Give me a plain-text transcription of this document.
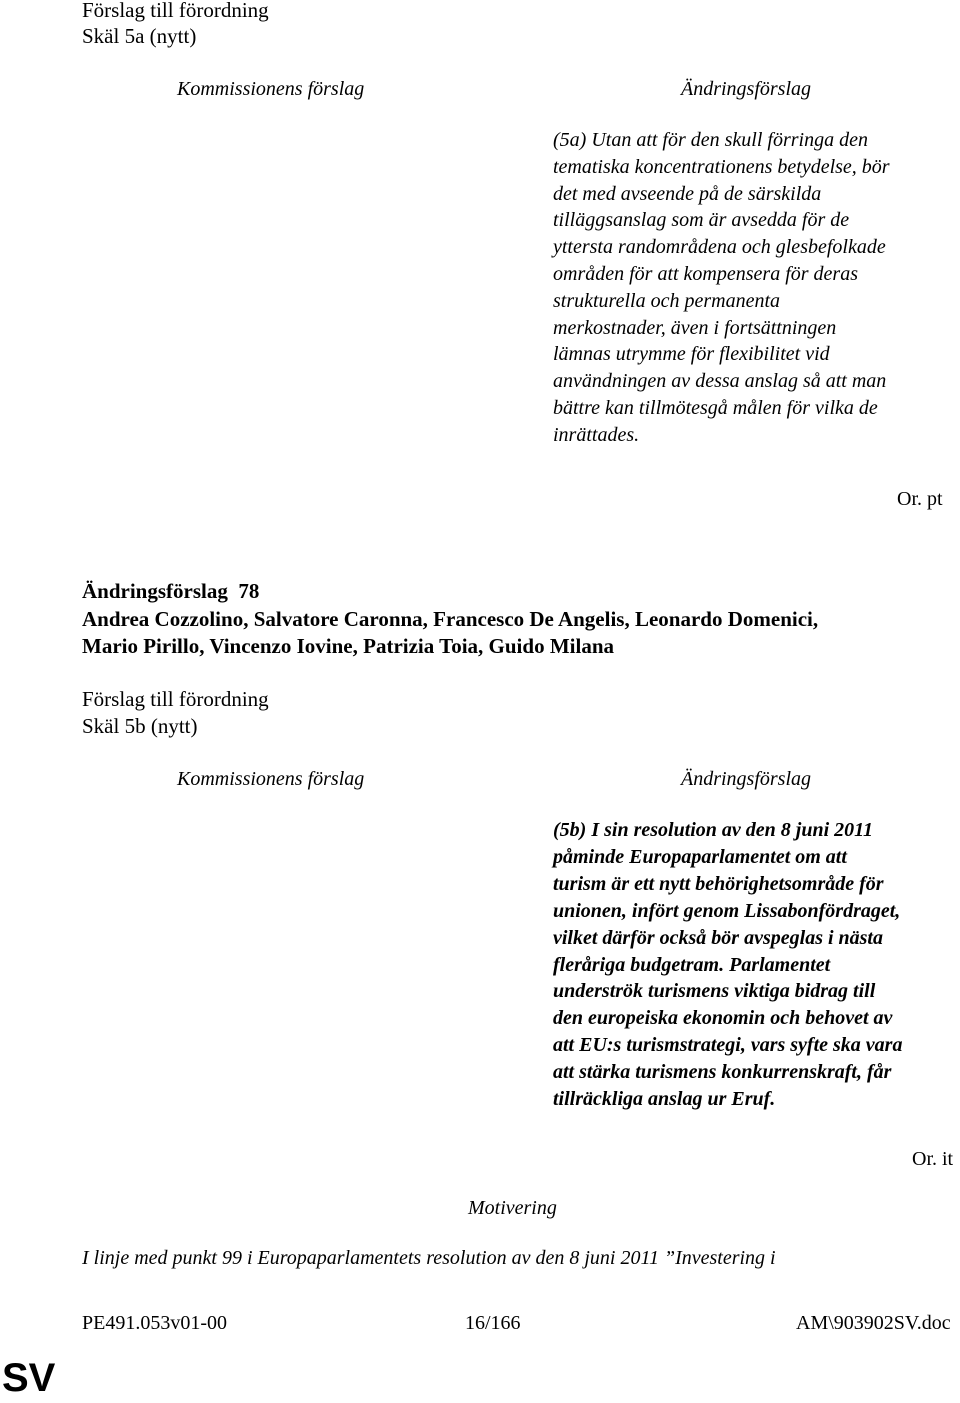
Förslag till förordning
Skäl 5a (nytt)
Kommissionens förslag	Ändringsförslag
(5a) Utan att för den skull förringa den
tematiska koncentrationens betydelse, bör
det med avseende på de särskilda
tilläggsanslag som är avsedda för de
yttersta randområdena och glesbefolkade
områden för att kompensera för deras
strukturella och permanenta
merkostnader, även i fortsättningen
lämnas utrymme för flexibilitet vid
användningen av dessa anslag så att man
bättre kan tillmötesgå målen för vilka de
inrättades.
Or. pt
Ändringsförslag 78
Andrea Cozzolino, Salvatore Caronna, Francesco De Angelis, Leonardo Domenici,
Mario Pirillo, Vincenzo Iovine, Patrizia Toia, Guido Milana
Förslag till förordning
Skäl 5b (nytt)
Kommissionens förslag	Ändringsförslag
(5b) I sin resolution av den 8 juni 2011
påminde Europaparlamentet om att
turism är ett nytt behörighetsområde för
unionen, infört genom Lissabonfördraget,
vilket därför också bör avspeglas i nästa
fleråriga budgetram. Parlamentet
underströk turismens viktiga bidrag till
den europeiska ekonomin och behovet av
att EU:s turismstrategi, vars syfte ska vara
att stärka turismens konkurrenskraft, får
tillräckliga anslag ur Eruf.
Or. it
Motivering
I linje med punkt 99 i Europaparlamentets resolution av den 8 juni 2011 ”Investering i
PE491.053v01-00	16/166	AM\903902SV.doc
SV
